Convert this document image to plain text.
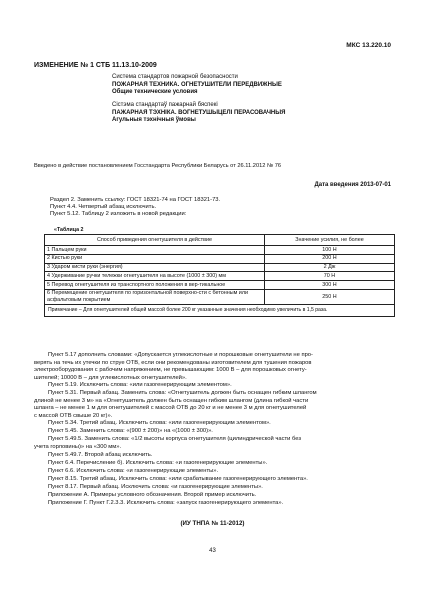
МКС 13.220.10
ИЗМЕНЕНИЕ № 1 СТБ 11.13.10-2009
Система стандартов пожарной безопасности
ПОЖАРНАЯ ТЕХНИКА. ОГНЕТУШИТЕЛИ ПЕРЕДВИЖНЫЕ
Общие технические условия
Сістэма стандартаў пажарнай бяспекі
ПАЖАРНАЯ ТЭХНІКА. ВОГНЕТУШЫЦЕЛІ ПЕРАСОВАЧНЫЯ
Агульныя тэхнічныя ўмовы
Введено в действие постановлением Госстандарта Республики Беларусь от 26.11.2012 № 76
Дата введения 2013-07-01
Раздел 2. Заменить ссылку: ГОСТ 18321-74 на ГОСТ 18321-73.
Пункт 4.4. Четвертый абзац исключить.
Пункт 5.12. Таблицу 2 изложить в новой редакции:
«Таблица 2
Способ приведения огнетушителя в действие	Значение усилия, не более
1 Пальцем руки	100 Н
2 Кистью руки	200 Н
3 Ударом кисти руки (энергия)	2 Дж
4 Удерживание ручки тележки огнетушителя на высоте (1000 ± 300) мм	70 Н
5 Перевод огнетушителя из транспортного положения в вер-тикальное	300 Н
6 Перемещение огнетушителя по горизонтальной поверхно-сти с бетонным или асфальтовым покрытием	250 Н
Примечание – Для огнетушителей общей массой более 200 кг указанные значения необходимо увеличить в 1,5 раза.	
Пункт 5.17 дополнить словами: «Допускается углекислотные и порошковые огнетушители не про-
верять на течь их утечки по струе ОТВ, если они рекомендованы изготовителем для тушения пожаров
электрооборудования с рабочим напряжением, не превышающим: 1000 В – для порошковых огнету-
шителей; 10000 В – для углекислотных огнетушителей».
Пункт 5.19. Исключить слова: «или газогенерирующим элементом».
Пункт 5.31. Первый абзац. Заменить слова: «Огнетушитель должен быть оснащен гибким шлангом
длиной не менее 3 м» на «Огнетушитель должен быть оснащен гибким шлангом (длина гибкой части
шланга – не менее 1 м для огнетушителей с массой ОТВ до 20 кг и не менее 3 м для огнетушителей
с массой ОТВ свыше 20 кг)».
Пункт 5.34. Третий абзац. Исключить слова: «или газогенерирующим элементом».
Пункт 5.45. Заменить слова: «(900 ± 200)» на «(1000 ± 300)».
Пункт 5.49.5. Заменить слова: «1/2 высоты корпуса огнетушителя (цилиндрической части без
учета горловины)» на «300 мм».
Пункт 5.49.7. Второй абзац исключить.
Пункт 6.4. Перечисление б). Исключить слова: «и газогенерирующие элементы».
Пункт 6.6. Исключить слова: «и газогенерирующие элементы».
Пункт 8.15. Третий абзац. Исключить слова: «или срабатывание газогенерирующего элемента».
Пункт 8.17. Первый абзац. Исключить слова: «и газогенерирующие элементы».
Приложение А. Примеры условного обозначения. Второй пример исключить.
Приложение Г. Пункт Г.2.3.3. Исключить слова: «запуск газогенерирующего элемента».
(ИУ ТНПА № 11-2012)
43
